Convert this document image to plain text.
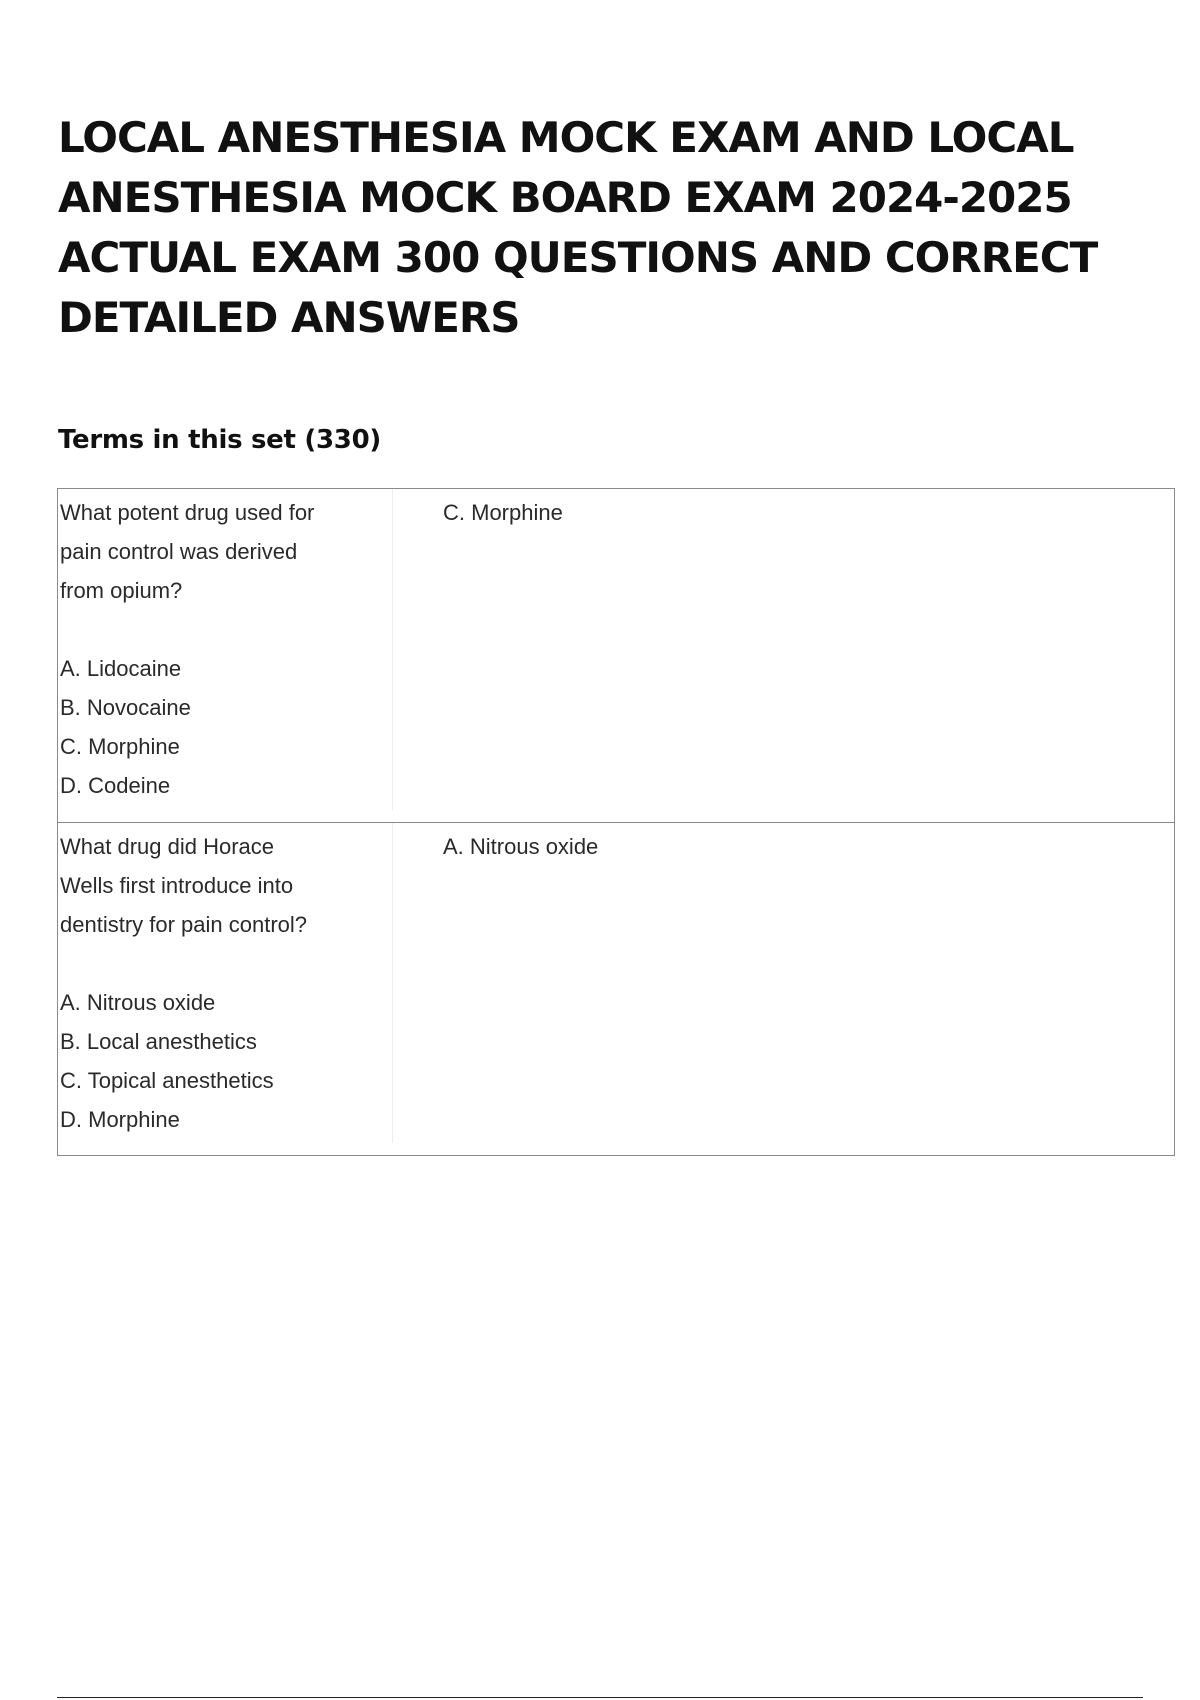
LOCAL ANESTHESIA MOCK EXAM AND LOCAL ANESTHESIA MOCK BOARD EXAM 2024-2025 ACTUAL EXAM 300 QUESTIONS AND CORRECT DETAILED ANSWERS
Terms in this set (330)
What potent drug used for
pain control was derived
from opium?
A. Lidocaine
B. Novocaine
C. Morphine
D. Codeine
C. Morphine
What drug did Horace
Wells first introduce into
dentistry for pain control?
A. Nitrous oxide
B. Local anesthetics
C. Topical anesthetics
D. Morphine
A. Nitrous oxide
